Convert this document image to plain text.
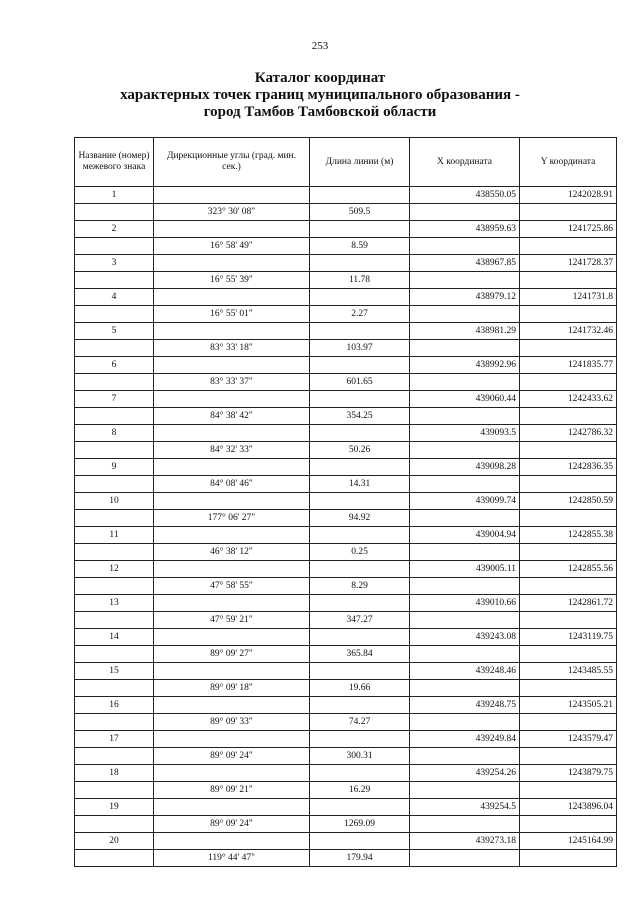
253
Каталог координат
характерных точек границ муниципального образования -
город Тамбов Тамбовской области
Название (номер) межевого знака	Дирекционные углы (град. мин. сек.)	Длина линии (м)	X координата	Y координата
1			438550.05	1242028.91
	323° 30' 08"	509.5		
2			438959.63	1241725.86
	16° 58' 49"	8.59		
3			438967.85	1241728.37
	16° 55' 39"	11.78		
4			438979.12	1241731.8
	16° 55' 01"	2.27		
5			438981.29	1241732.46
	83° 33' 18"	103.97		
6			438992.96	1241835.77
	83° 33' 37"	601.65		
7			439060.44	1242433.62
	84° 38' 42"	354.25		
8			439093.5	1242786.32
	84° 32' 33"	50.26		
9			439098.28	1242836.35
	84° 08' 46"	14.31		
10			439099.74	1242850.59
	177° 06' 27"	94.92		
11			439004.94	1242855.38
	46° 38' 12"	0.25		
12			439005.11	1242855.56
	47° 58' 55"	8.29		
13			439010.66	1242861.72
	47° 59' 21"	347.27		
14			439243.08	1243119.75
	89° 09' 27"	365.84		
15			439248.46	1243485.55
	89° 09' 18"	19.66		
16			439248.75	1243505.21
	89° 09' 33"	74.27		
17			439249.84	1243579.47
	89° 09' 24"	300.31		
18			439254.26	1243879.75
	89° 09' 21"	16.29		
19			439254.5	1243896.04
	89° 09' 24"	1269.09		
20			439273.18	1245164.99
	119° 44' 47"	179.94		
